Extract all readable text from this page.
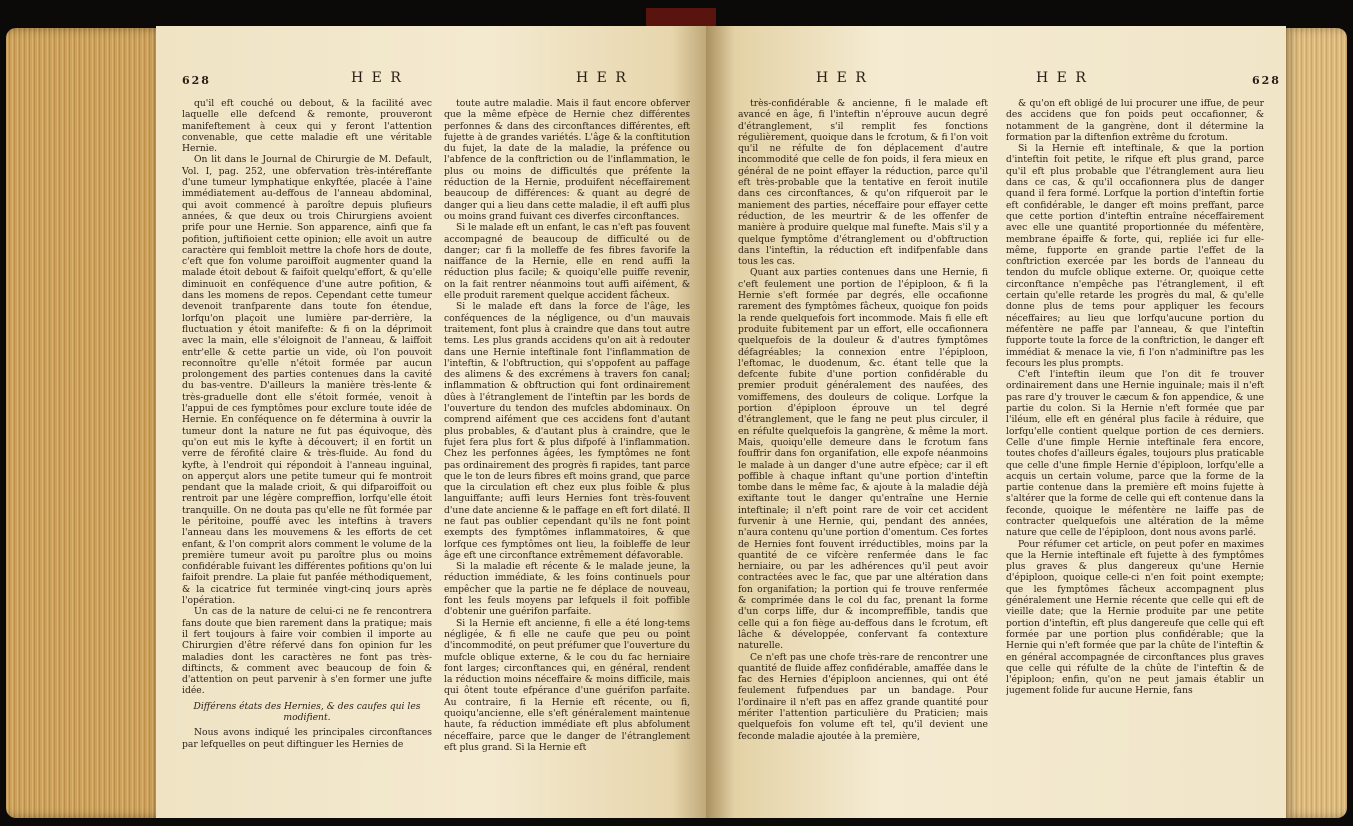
628	H E R	H E R

qu'il eft couché ou debout, & la facilité avec laquelle elle defcend & remonte, prouveront manifeftement à ceux qui y feront l'attention convenable, que cette maladie eft une véritable Hernie.

On lit dans le Journal de Chirurgie de M. Default, Vol. I, pag. 252, une obfervation très-intéreffante d'une tumeur lymphatique enkyftée, placée à l'aine immédiatement au-deffous de l'anneau abdominal, qui avoit commencé à paroître depuis plufieurs années, & que deux ou trois Chirurgiens avoient prife pour une Hernie. Son apparence, ainfi que fa pofition, juftifioient cette opinion; elle avoit un autre caractère qui fembloit mettre la chofe hors de doute, c'eft que fon volume paroiffoit augmenter quand la malade étoit debout & faifoit quelqu'effort, & qu'elle diminuoit en conféquence d'une autre pofition, & dans les momens de repos. Cependant cette tumeur devenoit tranfparente dans toute fon étendue, lorfqu'on plaçoit une lumière par-derrière, la fluctuation y étoit manifefte: & fi on la déprimoit avec la main, elle s'éloignoit de l'anneau, & laiffoit entr'elle & cette partie un vide, où l'on pouvoit reconnoître qu'elle n'étoit formée par aucun prolongement des parties contenues dans la cavité du bas-ventre. D'ailleurs la manière très-lente & très-graduelle dont elle s'étoit formée, venoit à l'appui de ces fymptômes pour exclure toute idée de Hernie. En conféquence on fe détermina à ouvrir la tumeur dont la nature ne fut pas équivoque, dès qu'on eut mis le kyfte à découvert; il en fortit un verre de férofité claire & très-fluide. Au fond du kyfte, à l'endroit qui répondoit à l'anneau inguinal, on apperçut alors une petite tumeur qui fe montroit pendant que la malade crioit, & qui difparoiffoit ou rentroit par une légère compreffion, lorfqu'elle étoit tranquille. On ne douta pas qu'elle ne fût formée par le péritoine, pouffé avec les inteftins à travers l'anneau dans les mouvemens & les efforts de cet enfant, & l'on comprit alors comment le volume de la première tumeur avoit pu paroître plus ou moins confidérable fuivant les différentes pofitions qu'on lui faifoit prendre. La plaie fut panfée méthodiquement, & la cicatrice fut terminée vingt-cinq jours après l'opération.

Un cas de la nature de celui-ci ne fe rencontrera fans doute que bien rarement dans la pratique; mais il fert toujours à faire voir combien il importe au Chirurgien d'être réfervé dans fon opinion fur les maladies dont les caractères ne font pas très-diftincts, & comment avec beaucoup de foin & d'attention on peut parvenir à s'en former une jufte idée.

Différens états des Hernies, & des caufes qui les modifient.

Nous avons indiqué les principales circonftances par lefquelles on peut diftinguer les Hernies de

toute autre maladie. Mais il faut encore obferver que la même efpèce de Hernie chez différentes perfonnes & dans des circonftances différentes, eft fujette à de grandes variétés. L'âge & la conftitution du fujet, la date de la maladie, la préfence ou l'abfence de la conftriction ou de l'inflammation, le plus ou moins de difficultés que préfente la réduction de la Hernie, produifent néceffairement beaucoup de différences: & quant au degré de danger qui a lieu dans cette maladie, il eft auffi plus ou moins grand fuivant ces diverfes circonftances.

Si le malade eft un enfant, le cas n'eft pas fouvent accompagné de beaucoup de difficulté ou de danger; car fi la molleffe de fes fibres favorife la naiffance de la Hernie, elle en rend auffi la réduction plus facile; & quoiqu'elle puiffe revenir, on la fait rentrer néanmoins tout auffi aifément, & elle produit rarement quelque accident fâcheux.

Si le malade eft dans la force de l'âge, les conféquences de la négligence, ou d'un mauvais traitement, font plus à craindre que dans tout autre tems. Les plus grands accidens qu'on ait à redouter dans une Hernie inteftinale font l'inflammation de l'inteftin, & l'obftruction, qui s'oppofent au paffage des alimens & des excrémens à travers fon canal; inflammation & obftruction qui font ordinairement dûes à l'étranglement de l'inteftin par les bords de l'ouverture du tendon des mufcles abdominaux. On comprend aifément que ces accidens font d'autant plus probables, & d'autant plus à craindre, que le fujet fera plus fort & plus difpofé à l'inflammation. Chez les perfonnes âgées, les fymptômes ne font pas ordinairement des progrès fi rapides, tant parce que le ton de leurs fibres eft moins grand, que parce que la circulation eft chez eux plus foible & plus languiffante; auffi leurs Hernies font très-fouvent d'une date ancienne & le paffage en eft fort dilaté. Il ne faut pas oublier cependant qu'ils ne font point exempts des fymptômes inflammatoires, & que lorfque ces fymptômes ont lieu, la foibleffe de leur âge eft une circonftance extrêmement défavorable.

Si la maladie eft récente & le malade jeune, la réduction immédiate, & les foins continuels pour empêcher que la partie ne fe déplace de nouveau, font les feuls moyens par lefquels il foit poffible d'obtenir une guérifon parfaite.

Si la Hernie eft ancienne, fi elle a été long-tems négligée, & fi elle ne caufe que peu ou point d'incommodité, on peut préfumer que l'ouverture du mufcle oblique externe, & le cou du fac herniaire font larges; circonftances qui, en général, rendent la réduction moins néceffaire & moins difficile, mais qui ôtent toute efpérance d'une guérifon parfaite. Au contraire, fi la Hernie eft récente, ou fi, quoiqu'ancienne, elle s'eft généralement maintenue haute, fa réduction immédiate eft plus abfolument néceffaire, parce que le danger de l'étranglement eft plus grand. Si la Hernie eft

H E R	H E R	628

très-confidérable & ancienne, fi le malade eft avancé en âge, fi l'inteftin n'éprouve aucun degré d'étranglement, s'il remplit fes fonctions régulièrement, quoique dans le fcrotum, & fi l'on voit qu'il ne réfulte de fon déplacement d'autre incommodité que celle de fon poids, il fera mieux en général de ne point effayer la réduction, parce qu'il eft très-probable que la tentative en feroit inutile dans ces circonftances, & qu'on rifqueroit par le maniement des parties, néceffaire pour effayer cette réduction, de les meurtrir & de les offenfer de manière à produire quelque mal funefte. Mais s'il y a quelque fymptôme d'étranglement ou d'obftruction dans l'inteftin, la réduction eft indifpenfable dans tous les cas.

Quant aux parties contenues dans une Hernie, fi c'eft feulement une portion de l'épiploon, & fi la Hernie s'eft formée par degrés, elle occafionne rarement des fymptômes fâcheux, quoique fon poids la rende quelquefois fort incommode. Mais fi elle eft produite fubitement par un effort, elle occafionnera quelquefois de la douleur & d'autres fymptômes défagréables; la connexion entre l'épiploon, l'eftomac, le duodenum, &c. étant telle que la defcente fubite d'une portion confidérable du premier produit généralement des naufées, des vomiffemens, des douleurs de colique. Lorfque la portion d'épiploon éprouve un tel degré d'étranglement, que le fang ne peut plus circuler, il en réfulte quelquefois la gangrène, & même la mort. Mais, quoiqu'elle demeure dans le fcrotum fans fouffrir dans fon organifation, elle expofe néanmoins le malade à un danger d'une autre efpèce; car il eft poffible à chaque inftant qu'une portion d'inteftin tombe dans le même fac, & ajoute à la maladie déjà exiftante tout le danger qu'entraîne une Hernie inteftinale; il n'eft point rare de voir cet accident furvenir à une Hernie, qui, pendant des années, n'aura contenu qu'une portion d'omentum. Ces fortes de Hernies font fouvent irréductibles, moins par la quantité de ce vifcère renfermée dans le fac herniaire, ou par les adhérences qu'il peut avoir contractées avec le fac, que par une altération dans fon organifation; la portion qui fe trouve renfermée & comprimée dans le col du fac, prenant la forme d'un corps liffe, dur & incompreffible, tandis que celle qui a fon fiège au-deffous dans le fcrotum, eft lâche & développée, confervant fa contexture naturelle.

Ce n'eft pas une chofe très-rare de rencontrer une quantité de fluide affez confidérable, amaffée dans le fac des Hernies d'épiploon anciennes, qui ont été feulement fufpendues par un bandage. Pour l'ordinaire il n'eft pas en affez grande quantité pour mériter l'attention particulière du Praticien; mais quelquefois fon volume eft tel, qu'il devient une feconde maladie ajoutée à la première,

& qu'on eft obligé de lui procurer une iffue, de peur des accidens que fon poids peut occafionner, & notamment de la gangrène, dont il détermine la formation par la diftenfion extrême du fcrotum.

Si la Hernie eft inteftinale, & que la portion d'inteftin foit petite, le rifque eft plus grand, parce qu'il eft plus probable que l'étranglement aura lieu dans ce cas, & qu'il occafionnera plus de danger quand il fera formé. Lorfque la portion d'inteftin fortie eft confidérable, le danger eft moins preffant, parce que cette portion d'inteftin entraîne néceffairement avec elle une quantité proportionnée du méfentère, membrane épaiffe & forte, qui, repliée ici fur elle-même, fupporte en grande partie l'effet de la conftriction exercée par les bords de l'anneau du tendon du mufcle oblique externe. Or, quoique cette circonftance n'empêche pas l'étranglement, il eft certain qu'elle retarde les progrès du mal, & qu'elle donne plus de tems pour appliquer les fecours néceffaires; au lieu que lorfqu'aucune portion du méfentère ne paffe par l'anneau, & que l'inteftin fupporte toute la force de la conftriction, le danger eft immédiat & menace la vie, fi l'on n'adminiftre pas les fecours les plus prompts.

C'eft l'inteftin ileum que l'on dit fe trouver ordinairement dans une Hernie inguinale; mais il n'eft pas rare d'y trouver le cæcum & fon appendice, & une partie du colon. Si la Hernie n'eft formée que par l'iléum, elle eft en général plus facile à réduire, que lorfqu'elle contient quelque portion de ces derniers. Celle d'une fimple Hernie inteftinale fera encore, toutes chofes d'ailleurs égales, toujours plus praticable que celle d'une fimple Hernie d'épiploon, lorfqu'elle a acquis un certain volume, parce que la forme de la partie contenue dans la première eft moins fujette à s'altérer que la forme de celle qui eft contenue dans la feconde, quoique le méfentère ne laiffe pas de contracter quelquefois une altération de la même nature que celle de l'épiploon, dont nous avons parlé.

Pour réfumer cet article, on peut pofer en maximes que la Hernie inteftinale eft fujette à des fymptômes plus graves & plus dangereux qu'une Hernie d'épiploon, quoique celle-ci n'en foit point exempte; que les fymptômes fâcheux accompagnent plus généralement une Hernie récente que celle qui eft de vieille date; que la Hernie produite par une petite portion d'inteftin, eft plus dangereufe que celle qui eft formée par une portion plus confidérable; que la Hernie qui n'eft formée que par la chûte de l'inteftin & en général accompagnée de circonftances plus graves que celle qui réfulte de la chûte de l'inteftin & de l'épiploon; enfin, qu'on ne peut jamais établir un jugement folide fur aucune Hernie, fans
